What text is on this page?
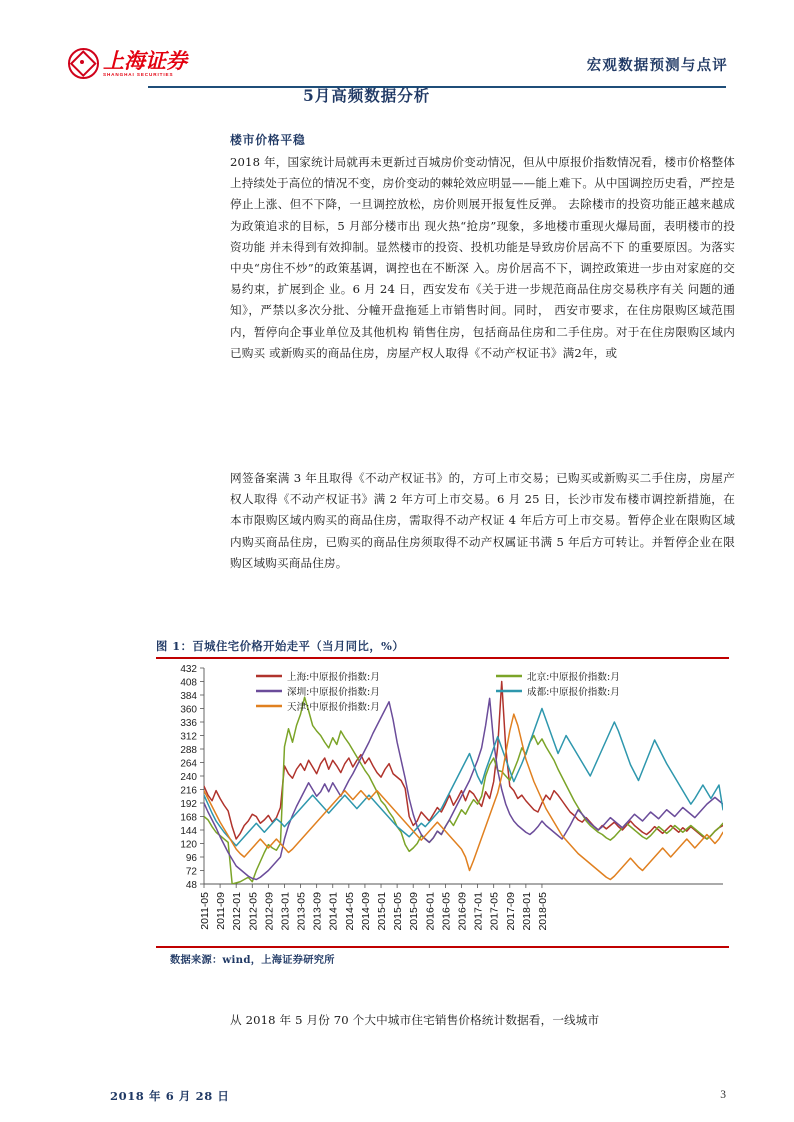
上海证券
SHANGHAI SECURITIES
宏观数据预测与点评
5月高频数据分析
楼市价格平稳

2018 年，国家统计局就再未更新过百城房价变动情况，但从中原报价指数情况看，楼市价格整体上持续处于高位的情况不变，房价变动的棘轮效应明显——能上难下。从中国调控历史看，严控是停止上涨、但不下降，一旦调控放松，房价则展开报复性反弹。 去除楼市的投资功能正越来越成为政策追求的目标，5 月部分楼市出 现火热“抢房”现象，多地楼市重现火爆局面，表明楼市的投资功能 并未得到有效抑制。显然楼市的投资、投机功能是导致房价居高不下 的重要原因。为落实中央“房住不炒”的政策基调，调控也在不断深 入。房价居高不下，调控政策进一步由对家庭的交易约束，扩展到企 业。6 月 24 日，西安发布《关于进一步规范商品住房交易秩序有关 问题的通知》，严禁以多次分批、分幢开盘拖延上市销售时间。同时， 西安市要求，在住房限购区域范围内，暂停向企事业单位及其他机构 销售住房，包括商品住房和二手住房。对于在住房限购区域内已购买 或新购买的商品住房，房屋产权人取得《不动产权证书》满2年，或

网签备案满 3 年且取得《不动产权证书》的，方可上市交易；已购买或新购买二手住房，房屋产权人取得《不动产权证书》满 2 年方可上市交易。6 月 25 日，长沙市发布楼市调控新措施，在本市限购区域内购买的商品住房，需取得不动产权证 4 年后方可上市交易。暂停企业在限购区域内购买商品住房，已购买的商品住房须取得不动产权属证书满 5 年后方可转让。并暂停企业在限购区域购买商品住房。

图 1：百城住宅价格开始走平（当月同比，%）
48
72
96
120
144
168
192
216
240
264
288
312
336
360
384
408
432
2011-05 2011-09 2012-01 2012-05 2012-09 2013-01 2013-05 2013-09 2014-01 2014-05 2014-09 2015-01 2015-05 2015-09 2016-01 2016-05 2016-09 2017-01 2017-05 2017-09 2018-01 2018-05
上海:中原报价指数:月	北京:中原报价指数:月
深圳:中原报价指数:月	成都:中原报价指数:月
天津:中原报价指数:月
数据来源：wind，上海证券研究所

从 2018 年 5 月份 70 个大中城市住宅销售价格统计数据看，一线城市

2018 年 6 月 28 日	3
